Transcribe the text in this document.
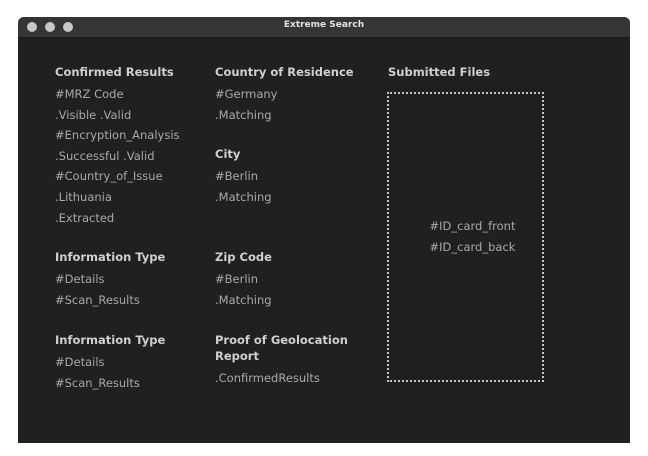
Extreme Search
Confirmed Results
#MRZ Code
.Visible .Valid
#Encryption_Analysis
.Successful .Valid
#Country_of_Issue
.Lithuania
.Extracted
Information Type
#Details
#Scan_Results
Information Type
#Details
#Scan_Results
Country of Residence
#Germany
.Matching
City
#Berlin
.Matching
Zip Code
#Berlin
.Matching
Proof of Geolocation
Report
.ConfirmedResults
Submitted Files
#ID_card_front
#ID_card_back
